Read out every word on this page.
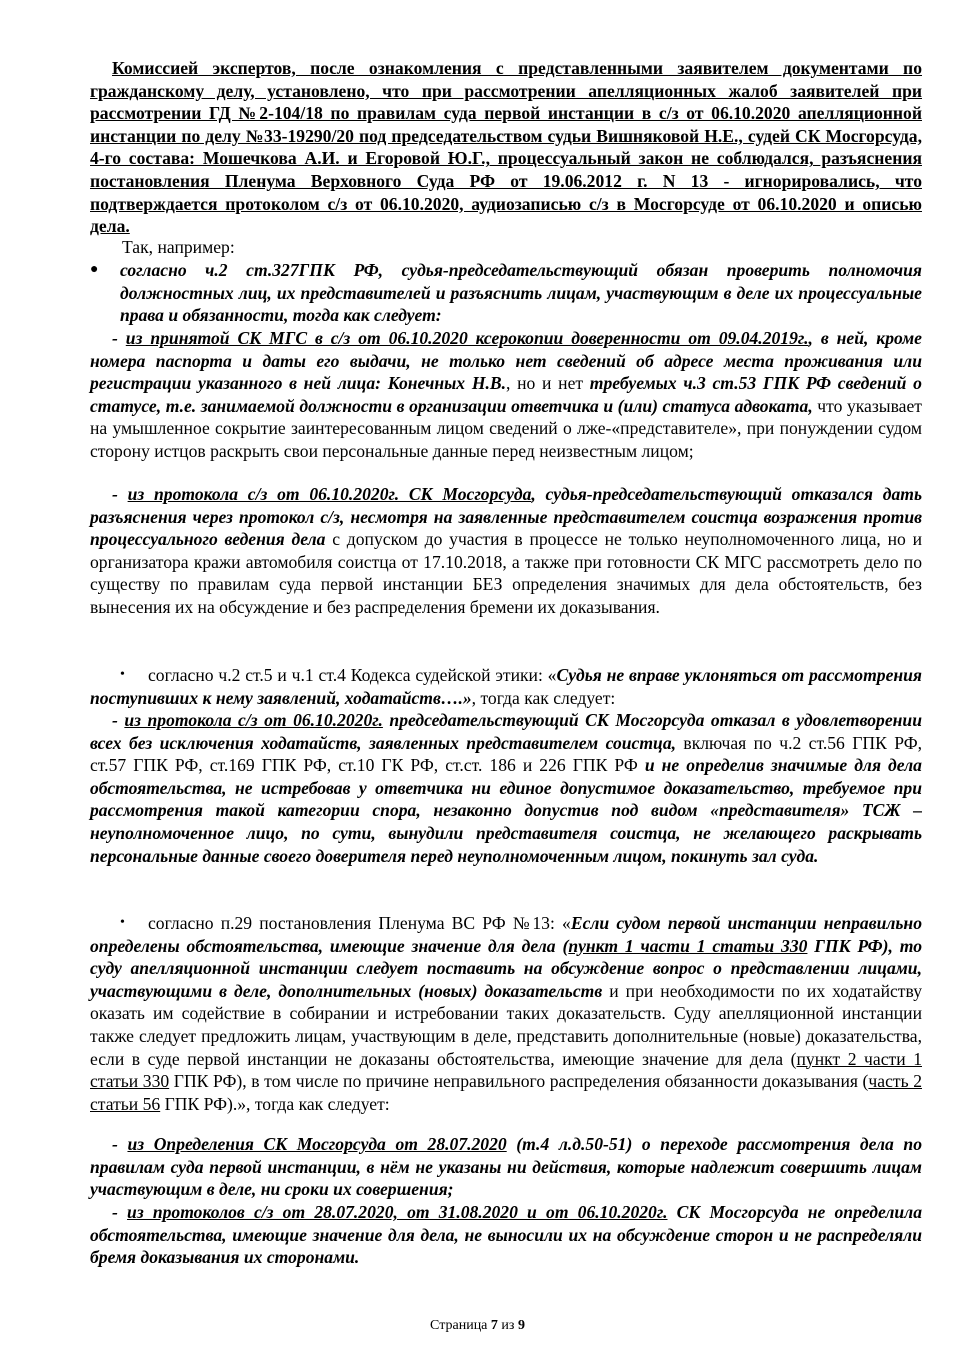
Комиссией экспертов, после ознакомления с представленными заявителем документами по гражданскому делу, установлено, что при рассмотрении апелляционных жалоб заявителей при рассмотрении ГД №2-104/18 по правилам суда первой инстанции в с/з от 06.10.2020 апелляционной инстанции по делу №33-19290/20 под председательством судьи Вишняковой Н.Е., судей СК Мосгорсуда, 4-го состава: Мошечкова А.И. и Егоровой Ю.Г., процессуальный закон не соблюдался, разъяснения постановления Пленума Верховного Суда РФ от 19.06.2012 г. N 13 - игнорировались, что подтверждается протоколом с/з от 06.10.2020, аудиозаписью с/з в Мосгорсуде от 06.10.2020 и описью дела.

Так, например:

● согласно ч.2 ст.327ГПК РФ, судья-председательствующий обязан проверить полномочия должностных лиц, их представителей и разъяснить лицам, участвующим в деле их процессуальные права и обязанности, тогда как следует:

- из принятой СК МГС в с/з от 06.10.2020 ксерокопии доверенности от 09.04.2019г., в ней, кроме номера паспорта и даты его выдачи, не только нет сведений об адресе места проживания или регистрации указанного в ней лица: Конечных Н.В., но и нет требуемых ч.3 ст.53 ГПК РФ сведений о статусе, т.е. занимаемой должности в организации ответчика и (или) статуса адвоката, что указывает на умышленное сокрытие заинтересованным лицом сведений о лже-«представителе», при понуждении судом сторону истцов раскрыть свои персональные данные перед неизвестным лицом;

- из протокола с/з от 06.10.2020г. СК Мосгорсуда, судья-председательствующий отказался дать разъяснения через протокол с/з, несмотря на заявленные представителем соистца возражения против процессуального ведения дела с допуском до участия в процессе не только неуполномоченного лица, но и организатора кражи автомобиля соистца от 17.10.2018, а также при готовности СК МГС рассмотреть дело по существу по правилам суда первой инстанции БЕЗ определения значимых для дела обстоятельств, без вынесения их на обсуждение и без распределения бремени их доказывания.

согласно ч.2 ст.5 и ч.1 ст.4 Кодекса судейской этики: «Судья не вправе уклоняться от рассмотрения поступивших к нему заявлений, ходатайств….», тогда как следует:

•

- из протокола с/з от 06.10.2020г. председательствующий СК Мосгорсуда отказал в удовлетворении всех без исключения ходатайств, заявленных представителем соистца, включая по ч.2 ст.56 ГПК РФ, ст.57 ГПК РФ, ст.169 ГПК РФ, ст.10 ГК РФ, ст.ст. 186 и 226 ГПК РФ и не определив значимые для дела обстоятельства, не истребовав у ответчика ни единое допустимое доказательство, требуемое при рассмотрения такой категории спора, незаконно допустив под видом «представителя» ТСЖ – неуполномоченное лицо, по сути, вынудили представителя соистца, не желающего раскрывать персональные данные своего доверителя перед неуполномоченным лицом, покинуть зал суда.

согласно п.29 постановления Пленума ВС РФ №13: «Если судом первой инстанции неправильно определены обстоятельства, имеющие значение для дела (пункт 1 части 1 статьи 330 ГПК РФ), то суду апелляционной инстанции следует поставить на обсуждение вопрос о представлении лицами, участвующими в деле, дополнительных (новых) доказательств и при необходимости по их ходатайству оказать им содействие в собирании и истребовании таких доказательств. Суду апелляционной инстанции также следует предложить лицам, участвующим в деле, представить дополнительные (новые) доказательства, если в суде первой инстанции не доказаны обстоятельства, имеющие значение для дела (пункт 2 части 1 статьи 330 ГПК РФ), в том числе по причине неправильного распределения обязанности доказывания (часть 2 статьи 56 ГПК РФ).», тогда как следует:

•

- из Определения СК Мосгорсуда от 28.07.2020 (т.4 л.д.50-51) о переходе рассмотрения дела по правилам суда первой инстанции, в нём не указаны ни действия, которые надлежит совершить лицам участвующим в деле, ни сроки их совершения;

- из протоколов с/з от 28.07.2020, от 31.08.2020 и от 06.10.2020г. СК Мосгорсуда не определила обстоятельства, имеющие значение для дела, не выносили их на обсуждение сторон и не распределяли бремя доказывания их сторонами.

Страница 7 из 9
